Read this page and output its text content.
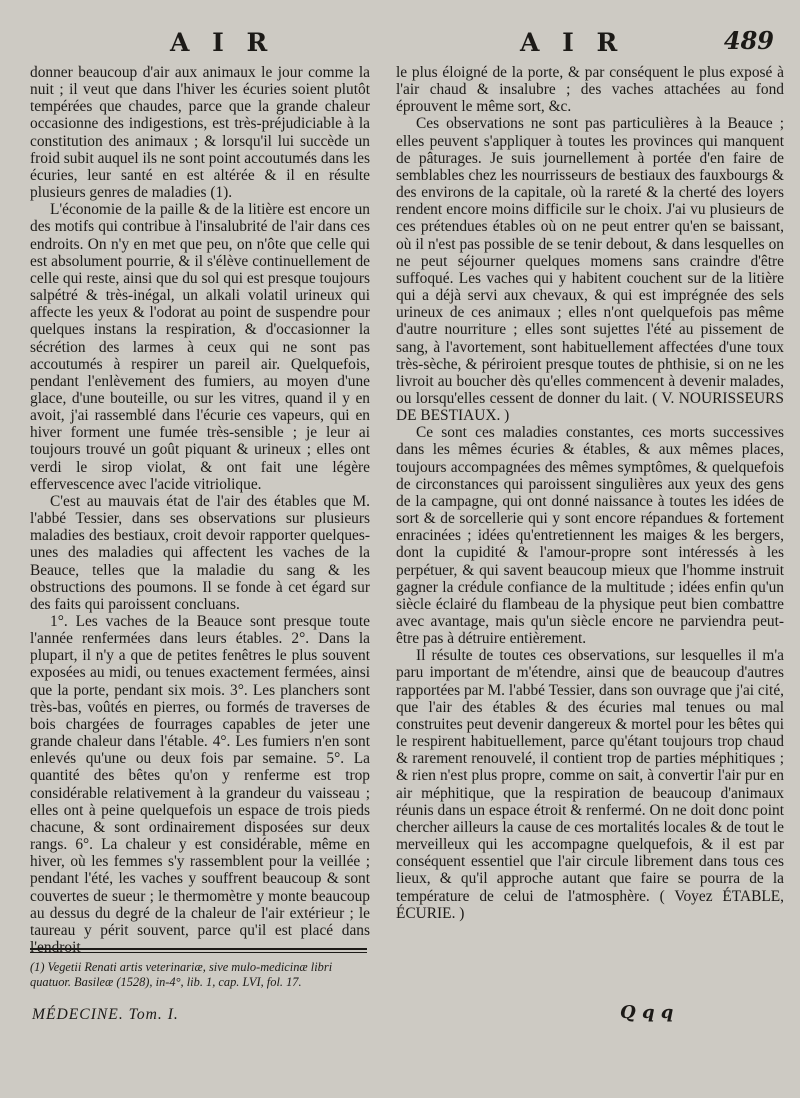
A I R	A I R	489

donner beaucoup d'air aux animaux le jour comme la nuit ; il veut que dans l'hiver les écuries soient plutôt tempérées que chaudes, parce que la grande chaleur occasionne des indigestions, est très-préjudiciable à la constitution des animaux ; & lorsqu'il lui succède un froid subit auquel ils ne sont point accoutumés dans les écuries, leur santé en est altérée & il en résulte plusieurs genres de maladies (1).

L'économie de la paille & de la litière est encore un des motifs qui contribue à l'insalubrité de l'air dans ces endroits. On n'y en met que peu, on n'ôte que celle qui est absolument pourrie, & il s'élève continuellement de celle qui reste, ainsi que du sol qui est presque toujours salpétré & très-inégal, un alkali volatil urineux qui affecte les yeux & l'odorat au point de suspendre pour quelques instans la respiration, & d'occasionner la sécrétion des larmes à ceux qui ne sont pas accoutumés à respirer un pareil air. Quelquefois, pendant l'enlèvement des fumiers, au moyen d'une glace, d'une bouteille, ou sur les vitres, quand il y en avoit, j'ai rassemblé dans l'écurie ces vapeurs, qui en hiver forment une fumée très-sensible ; je leur ai toujours trouvé un goût piquant & urineux ; elles ont verdi le sirop violat, & ont fait une légère effervescence avec l'acide vitriolique.

C'est au mauvais état de l'air des étables que M. l'abbé Tessier, dans ses observations sur plusieurs maladies des bestiaux, croit devoir rapporter quelques-unes des maladies qui affectent les vaches de la Beauce, telles que la maladie du sang & les obstructions des poumons. Il se fonde à cet égard sur des faits qui paroissent concluans.

1°. Les vaches de la Beauce sont presque toute l'année renfermées dans leurs étables. 2°. Dans la plupart, il n'y a que de petites fenêtres le plus souvent exposées au midi, ou tenues exactement fermées, ainsi que la porte, pendant six mois. 3°. Les planchers sont très-bas, voûtés en pierres, ou formés de traverses de bois chargées de fourrages capables de jeter une grande chaleur dans l'étable. 4°. Les fumiers n'en sont enlevés qu'une ou deux fois par semaine. 5°. La quantité des bêtes qu'on y renferme est trop considérable relativement à la grandeur du vaisseau ; elles ont à peine quelquefois un espace de trois pieds chacune, & sont ordinairement disposées sur deux rangs. 6°. La chaleur y est considérable, même en hiver, où les femmes s'y rassemblent pour la veillée ; pendant l'été, les vaches y souffrent beaucoup & sont couvertes de sueur ; le thermomètre y monte beaucoup au dessus du degré de la chaleur de l'air extérieur ; le taureau y périt souvent, parce qu'il est placé dans l'endroit

le plus éloigné de la porte, & par conséquent le plus exposé à l'air chaud & insalubre ; des vaches attachées au fond éprouvent le même sort, &c.

Ces observations ne sont pas particulières à la Beauce ; elles peuvent s'appliquer à toutes les provinces qui manquent de pâturages. Je suis journellement à portée d'en faire de semblables chez les nourrisseurs de bestiaux des fauxbourgs & des environs de la capitale, où la rareté & la cherté des loyers rendent encore moins difficile sur le choix. J'ai vu plusieurs de ces prétendues étables où on ne peut entrer qu'en se baissant, où il n'est pas possible de se tenir debout, & dans lesquelles on ne peut séjourner quelques momens sans craindre d'être suffoqué. Les vaches qui y habitent couchent sur de la litière qui a déjà servi aux chevaux, & qui est imprégnée des sels urineux de ces animaux ; elles n'ont quelquefois pas même d'autre nourriture ; elles sont sujettes l'été au pissement de sang, à l'avortement, sont habituellement affectées d'une toux très-sèche, & périroient presque toutes de phthisie, si on ne les livroit au boucher dès qu'elles commencent à devenir malades, ou lorsqu'elles cessent de donner du lait. ( V. NOURISSEURS DE BESTIAUX. )

Ce sont ces maladies constantes, ces morts successives dans les mêmes écuries & étables, & aux mêmes places, toujours accompagnées des mêmes symptômes, & quelquefois de circonstances qui paroissent singulières aux yeux des gens de la campagne, qui ont donné naissance à toutes les idées de sort & de sorcellerie qui y sont encore répandues & fortement enracinées ; idées qu'entretiennent les maiges & les bergers, dont la cupidité & l'amour-propre sont intéressés à les perpétuer, & qui savent beaucoup mieux que l'homme instruit gagner la crédule confiance de la multitude ; idées enfin qu'un siècle éclairé du flambeau de la physique peut bien combattre avec avantage, mais qu'un siècle encore ne parviendra peut-être pas à détruire entièrement.

Il résulte de toutes ces observations, sur lesquelles il m'a paru important de m'étendre, ainsi que de beaucoup d'autres rapportées par M. l'abbé Tessier, dans son ouvrage que j'ai cité, que l'air des étables & des écuries mal tenues ou mal construites peut devenir dangereux & mortel pour les bêtes qui le respirent habituellement, parce qu'étant toujours trop chaud & rarement renouvelé, il contient trop de parties méphitiques ; & rien n'est plus propre, comme on sait, à convertir l'air pur en air méphitique, que la respiration de beaucoup d'animaux réunis dans un espace étroit & renfermé. On ne doit donc point chercher ailleurs la cause de ces mortalités locales & de tout le merveilleux qui les accompagne quelquefois, & il est par conséquent essentiel que l'air circule librement dans tous ces lieux, & qu'il approche autant que faire se pourra de la température de celui de l'atmosphère. ( Voyez ÉTABLE, ÉCURIE. )

(1) Vegetii Renati artis veterinariæ, sive mulo-medicinæ libri quatuor. Basileæ (1528), in-4°, lib. 1, cap. LVI, fol. 17.
MÉDECINE. Tom. I.	Q q q
